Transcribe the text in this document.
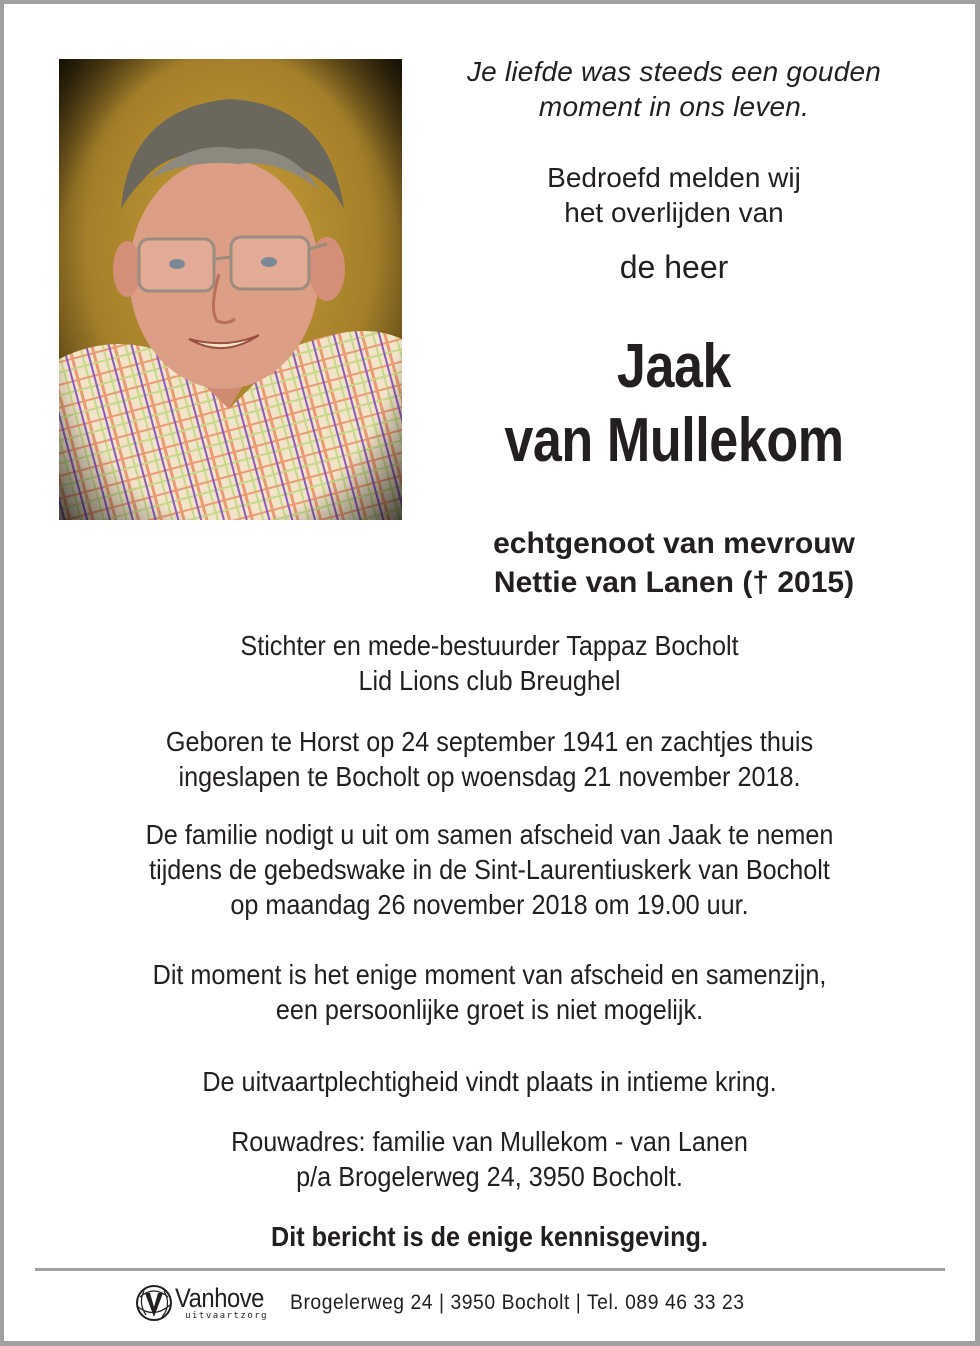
Je liefde was steeds een gouden
moment in ons leven.
Bedroefd melden wij
het overlijden van
de heer
Jaak
van Mullekom
echtgenoot van mevrouw
Nettie van Lanen († 2015)
Stichter en mede-bestuurder Tappaz Bocholt
Lid Lions club Breughel
Geboren te Horst op 24 september 1941 en zachtjes thuis
ingeslapen te Bocholt op woensdag 21 november 2018.
De familie nodigt u uit om samen afscheid van Jaak te nemen
tijdens de gebedswake in de Sint-Laurentiuskerk van Bocholt
op maandag 26 november 2018 om 19.00 uur.
Dit moment is het enige moment van afscheid en samenzijn,
een persoonlijke groet is niet mogelijk.
De uitvaartplechtigheid vindt plaats in intieme kring.
Rouwadres: familie van Mullekom - van Lanen
p/a Brogelerweg 24, 3950 Bocholt.
Dit bericht is de enige kennisgeving.
Vanhove
uitvaartzorg
Brogelerweg 24 | 3950 Bocholt | Tel. 089 46 33 23
